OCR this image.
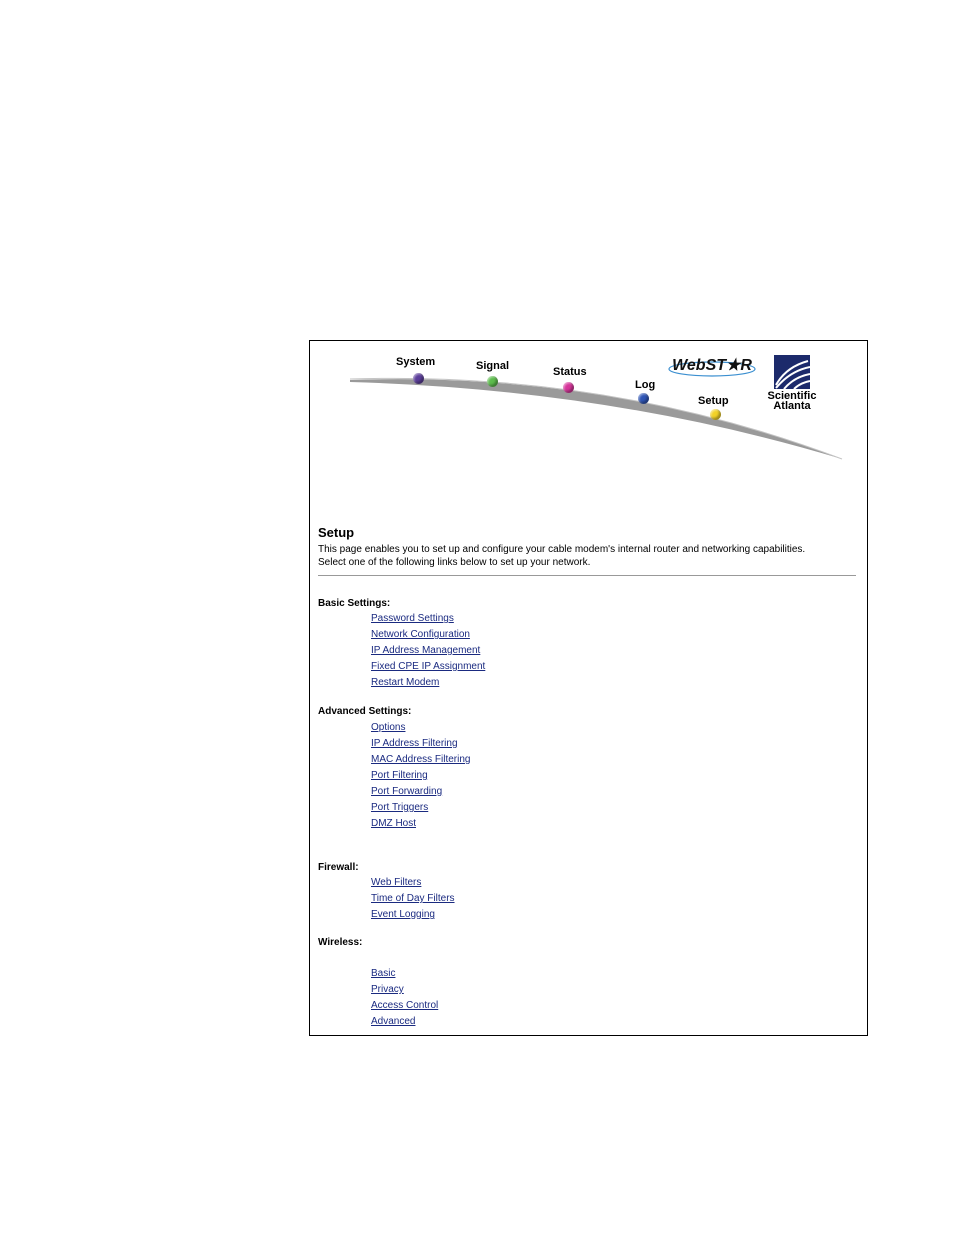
System	Signal	Status
Log
Setup
WebST★R
Scientific Atlanta
Setup

This page enables you to set up and configure your cable modem's internal router and networking capabilities.

Select one of the following links below to set up your network.

Basic Settings:
Password Settings
Network Configuration
IP Address Management
Fixed CPE IP Assignment
Restart Modem
Advanced Settings:
Options
IP Address Filtering
MAC Address Filtering
Port Filtering
Port Forwarding
Port Triggers
DMZ Host
Firewall:
Web Filters
Time of Day Filters
Event Logging
Wireless:
Basic
Privacy
Access Control
Advanced
